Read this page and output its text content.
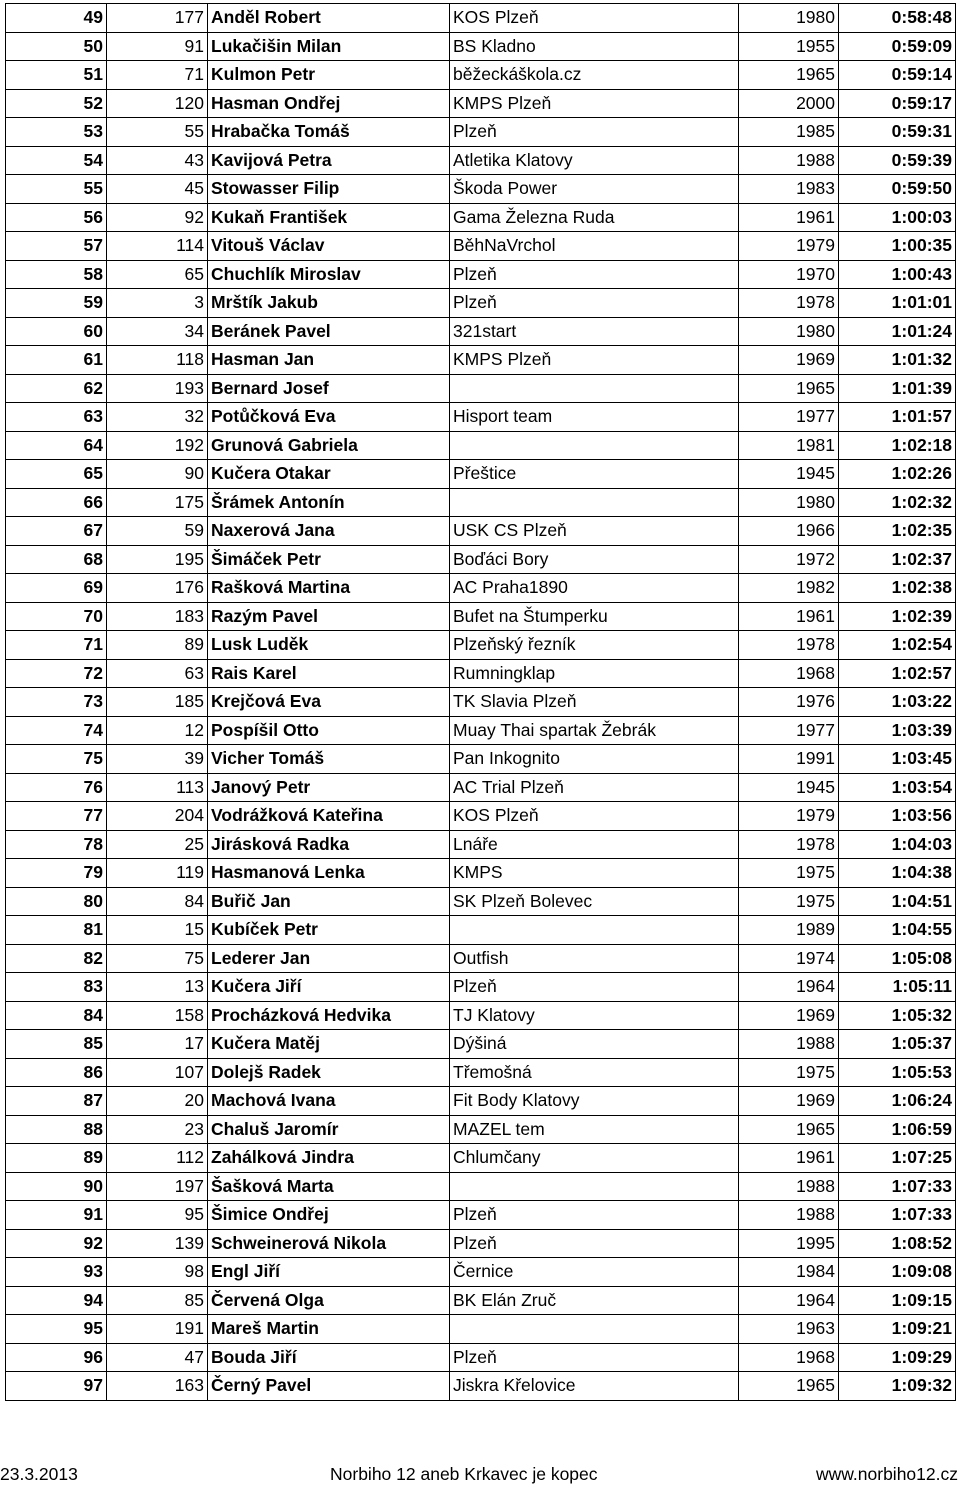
49	177	Anděl Robert	KOS Plzeň	1980	0:58:48
50	91	Lukačišin Milan	BS Kladno	1955	0:59:09
51	71	Kulmon Petr	běžeckáškola.cz	1965	0:59:14
52	120	Hasman Ondřej	KMPS Plzeň	2000	0:59:17
53	55	Hrabačka Tomáš	Plzeň	1985	0:59:31
54	43	Kavijová Petra	Atletika Klatovy	1988	0:59:39
55	45	Stowasser Filip	Škoda Power	1983	0:59:50
56	92	Kukaň František	Gama Železna Ruda	1961	1:00:03
57	114	Vitouš Václav	BěhNaVrchol	1979	1:00:35
58	65	Chuchlík Miroslav	Plzeň	1970	1:00:43
59	3	Mrštík Jakub	Plzeň	1978	1:01:01
60	34	Beránek Pavel	321start	1980	1:01:24
61	118	Hasman Jan	KMPS Plzeň	1969	1:01:32
62	193	Bernard Josef		1965	1:01:39
63	32	Potůčková Eva	Hisport team	1977	1:01:57
64	192	Grunová Gabriela		1981	1:02:18
65	90	Kučera Otakar	Přeštice	1945	1:02:26
66	175	Šrámek Antonín		1980	1:02:32
67	59	Naxerová Jana	USK CS Plzeň	1966	1:02:35
68	195	Šimáček Petr	Boďáci Bory	1972	1:02:37
69	176	Rašková Martina	AC Praha1890	1982	1:02:38
70	183	Razým Pavel	Bufet na Štumperku	1961	1:02:39
71	89	Lusk Luděk	Plzeňský řezník	1978	1:02:54
72	63	Rais Karel	Rumningklap	1968	1:02:57
73	185	Krejčová Eva	TK Slavia Plzeň	1976	1:03:22
74	12	Pospíšil Otto	Muay Thai spartak Žebrák	1977	1:03:39
75	39	Vicher Tomáš	Pan Inkognito	1991	1:03:45
76	113	Janový Petr	AC Trial Plzeň	1945	1:03:54
77	204	Vodrážková Kateřina	KOS Plzeň	1979	1:03:56
78	25	Jirásková Radka	Lnáře	1978	1:04:03
79	119	Hasmanová Lenka	KMPS	1975	1:04:38
80	84	Buřič Jan	SK Plzeň Bolevec	1975	1:04:51
81	15	Kubíček Petr		1989	1:04:55
82	75	Lederer Jan	Outfish	1974	1:05:08
83	13	Kučera Jiří	Plzeň	1964	1:05:11
84	158	Procházková Hedvika	TJ Klatovy	1969	1:05:32
85	17	Kučera Matěj	Dýšiná	1988	1:05:37
86	107	Dolejš Radek	Třemošná	1975	1:05:53
87	20	Machová Ivana	Fit Body Klatovy	1969	1:06:24
88	23	Chaluš Jaromír	MAZEL tem	1965	1:06:59
89	112	Zahálková Jindra	Chlumčany	1961	1:07:25
90	197	Šašková Marta		1988	1:07:33
91	95	Šimice Ondřej	Plzeň	1988	1:07:33
92	139	Schweinerová Nikola	Plzeň	1995	1:08:52
93	98	Engl Jiří	Černice	1984	1:09:08
94	85	Červená Olga	BK Elán Zruč	1964	1:09:15
95	191	Mareš Martin		1963	1:09:21
96	47	Bouda Jiří	Plzeň	1968	1:09:29
97	163	Černý Pavel	Jiskra Křelovice	1965	1:09:32
23.3.2013	Norbiho 12 aneb Krkavec je kopec	www.norbiho12.cz
